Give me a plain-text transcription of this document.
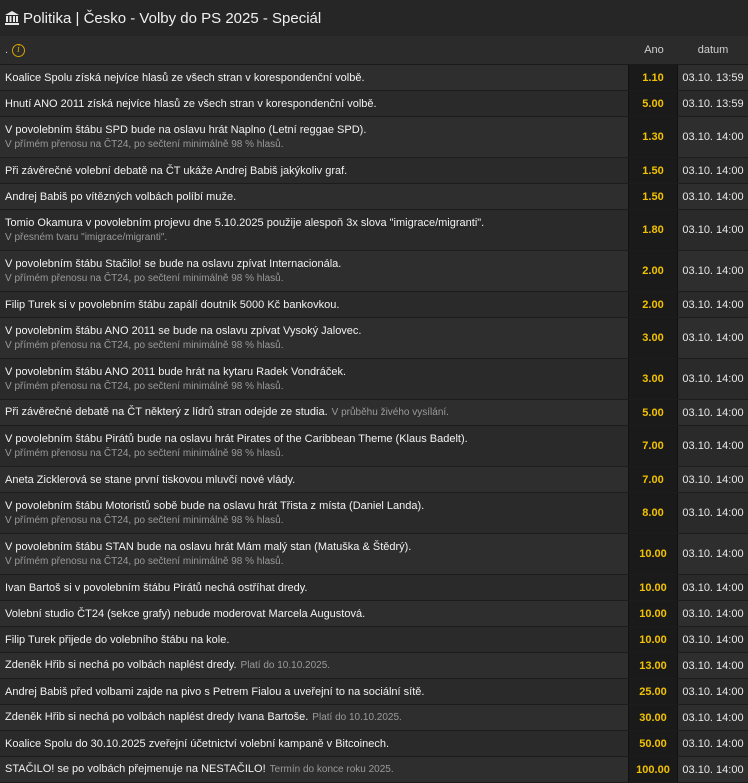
Politika | Česko - Volby do PS 2025 - Speciál
.	i	Ano	datum
Koalice Spolu získá nejvíce hlasů ze všech stran v korespondenční volbě.	1.10	03.10. 13:59
Hnutí ANO 2011 získá nejvíce hlasů ze všech stran v korespondenční volbě.	5.00	03.10. 13:59
V povolebním štábu SPD bude na oslavu hrát Naplno (Letní reggae SPD).
V přímém přenosu na ČT24, po sečtení minimálně 98 % hlasů.
1.30	03.10. 14:00
Při závěrečné volební debatě na ČT ukáže Andrej Babiš jakýkoliv graf.	1.50	03.10. 14:00
Andrej Babiš po vítězných volbách políbí muže.	1.50	03.10. 14:00
Tomio Okamura v povolebním projevu dne 5.10.2025 použije alespoň 3x slova "imigrace/migranti".
V přesném tvaru "imigrace/migranti".
1.80	03.10. 14:00
V povolebním štábu Stačilo! se bude na oslavu zpívat Internacionála.
V přímém přenosu na ČT24, po sečtení minimálně 98 % hlasů.
2.00	03.10. 14:00
Filip Turek si v povolebním štábu zapálí doutník 5000 Kč bankovkou.	2.00	03.10. 14:00
V povolebním štábu ANO 2011 se bude na oslavu zpívat Vysoký Jalovec.
V přímém přenosu na ČT24, po sečtení minimálně 98 % hlasů.
3.00	03.10. 14:00
V povolebním štábu ANO 2011 bude hrát na kytaru Radek Vondráček.
V přímém přenosu na ČT24, po sečtení minimálně 98 % hlasů.
3.00	03.10. 14:00
Při závěrečné debatě na ČT některý z lídrů stran odejde ze studia. V průběhu živého vysílání.	5.00	03.10. 14:00
V povolebním štábu Pirátů bude na oslavu hrát Pirates of the Caribbean Theme (Klaus Badelt).
V přímém přenosu na ČT24, po sečtení minimálně 98 % hlasů.
7.00	03.10. 14:00
Aneta Zicklerová se stane první tiskovou mluvčí nové vlády.	7.00	03.10. 14:00
V povolebním štábu Motoristů sobě bude na oslavu hrát Třista z místa (Daniel Landa).
V přímém přenosu na ČT24, po sečtení minimálně 98 % hlasů.
8.00	03.10. 14:00
V povolebním štábu STAN bude na oslavu hrát Mám malý stan (Matuška & Štědrý).
V přímém přenosu na ČT24, po sečtení minimálně 98 % hlasů.
10.00	03.10. 14:00
Ivan Bartoš si v povolebním štábu Pirátů nechá ostříhat dredy.	10.00	03.10. 14:00
Volební studio ČT24 (sekce grafy) nebude moderovat Marcela Augustová.	10.00	03.10. 14:00
Filip Turek přijede do volebního štábu na kole.	10.00	03.10. 14:00
Zdeněk Hřib si nechá po volbách naplést dredy. Platí do 10.10.2025.	13.00	03.10. 14:00
Andrej Babiš před volbami zajde na pivo s Petrem Fialou a uveřejní to na sociální sítě.	25.00	03.10. 14:00
Zdeněk Hřib si nechá po volbách naplést dredy Ivana Bartoše. Platí do 10.10.2025.	30.00	03.10. 14:00
Koalice Spolu do 30.10.2025 zveřejní účetnictví volební kampaně v Bitcoinech.	50.00	03.10. 14:00
STAČILO! se po volbách přejmenuje na NESTAČILO! Termín do konce roku 2025.	100.00	03.10. 14:00
